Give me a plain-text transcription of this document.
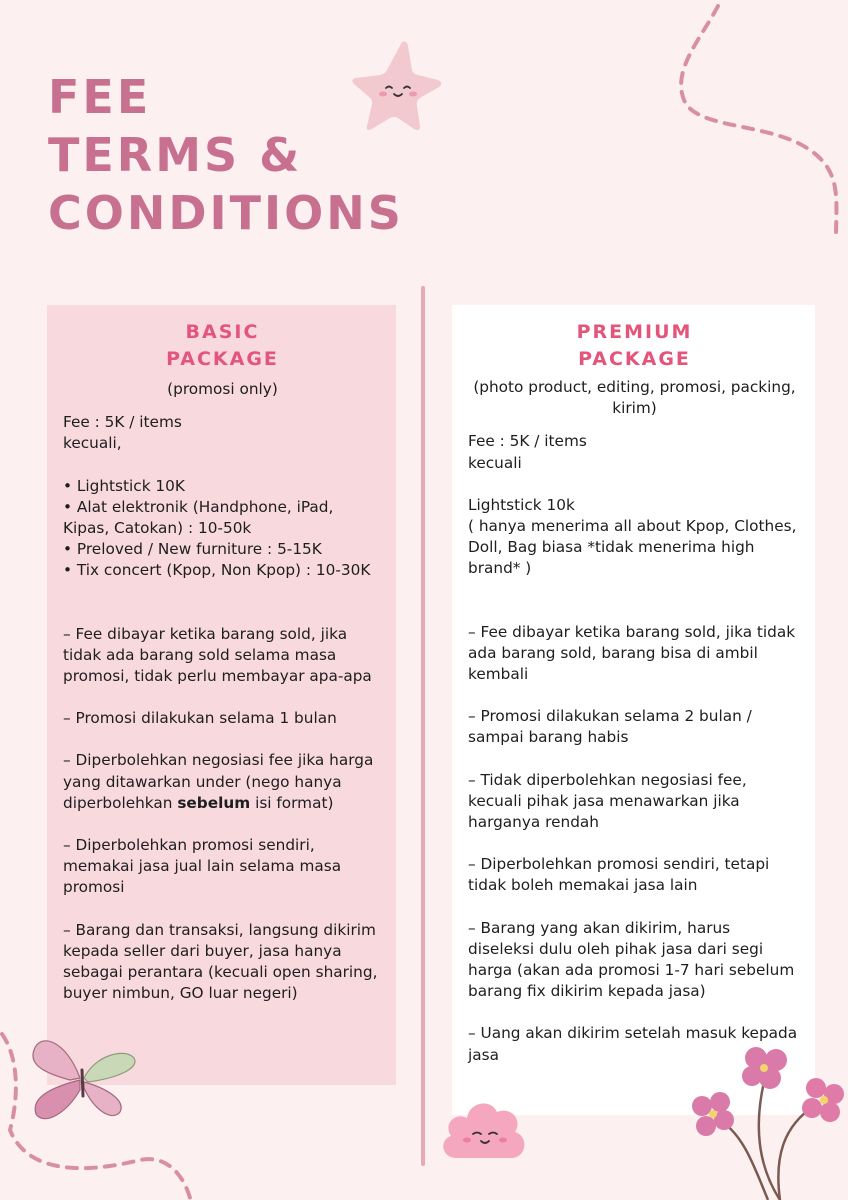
FEE
TERMS &
CONDITIONS
BASIC
PACKAGE
(promosi only)
Fee : 5K / items
kecuali,
• Lightstick 10K
• Alat elektronik (Handphone, iPad, Kipas, Catokan) : 10-50k
• Preloved / New furniture : 5-15K
• Tix concert (Kpop, Non Kpop) : 10-30K
– Fee dibayar ketika barang sold, jika tidak ada barang sold selama masa promosi, tidak perlu membayar apa-apa
– Promosi dilakukan selama 1 bulan
– Diperbolehkan negosiasi fee jika harga yang ditawarkan under (nego hanya diperbolehkan sebelum isi format)
– Diperbolehkan promosi sendiri, memakai jasa jual lain selama masa promosi
– Barang dan transaksi, langsung dikirim kepada seller dari buyer, jasa hanya sebagai perantara (kecuali open sharing, buyer nimbun, GO luar negeri)
PREMIUM
PACKAGE
(photo product, editing, promosi, packing, kirim)
Fee : 5K / items
kecuali
Lightstick 10k
( hanya menerima all about Kpop, Clothes, Doll, Bag biasa *tidak menerima high brand* )
– Fee dibayar ketika barang sold, jika tidak ada barang sold, barang bisa di ambil kembali
– Promosi dilakukan selama 2 bulan / sampai barang habis
– Tidak diperbolehkan negosiasi fee, kecuali pihak jasa menawarkan jika harganya rendah
– Diperbolehkan promosi sendiri, tetapi tidak boleh memakai jasa lain
– Barang yang akan dikirim, harus diseleksi dulu oleh pihak jasa dari segi harga (akan ada promosi 1-7 hari sebelum barang fix dikirim kepada jasa)
– Uang akan dikirim setelah masuk kepada jasa
